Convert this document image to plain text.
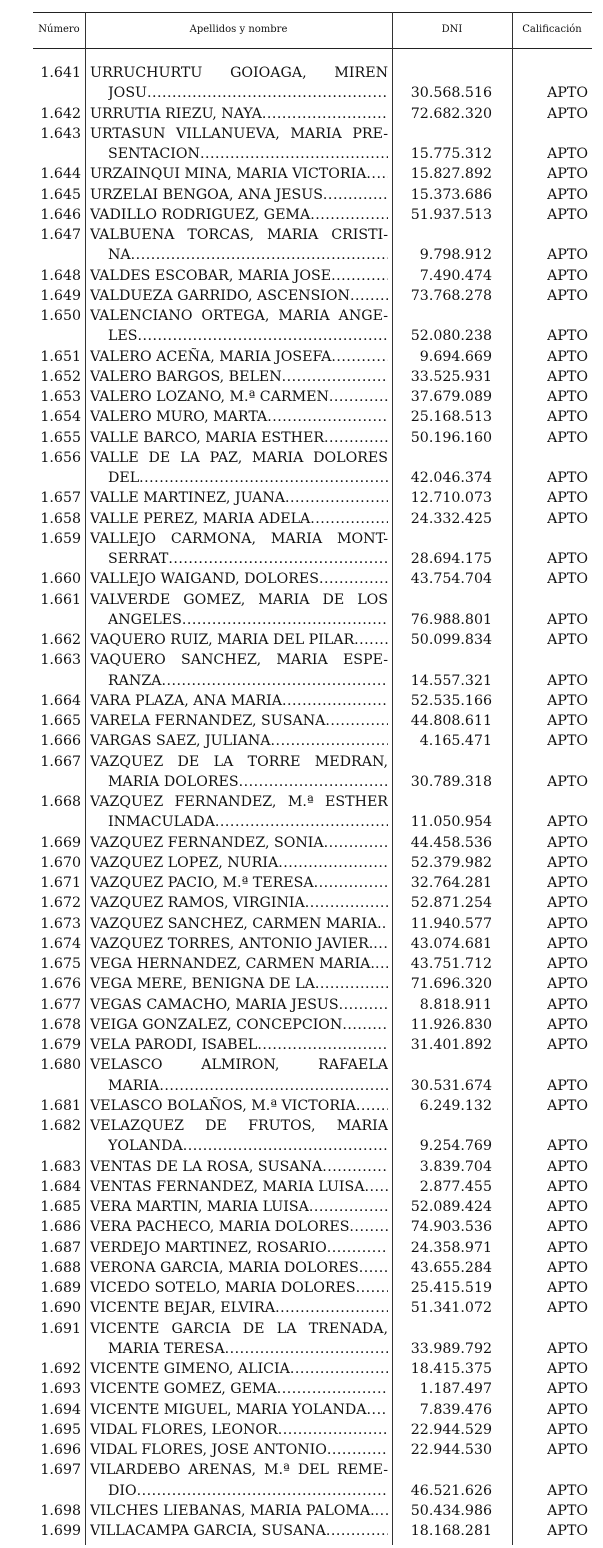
Número	Apellidos y nombre	DNI	Calificación
1.641 URRUCHURTU GOIOAGA, MIREN
JOSU .....	30.568.516	APTO
1.642 URRUTIA RIEZU, NAYA .....	72.682.320	APTO
1.643 URTASUN VILLANUEVA, MARIA PRE-
SENTACION .....	15.775.312	APTO
1.644 URZAINQUI MINA, MARIA VICTORIA .....	15.827.892	APTO
1.645 URZELAI BENGOA, ANA JESUS .....	15.373.686	APTO
1.646 VADILLO RODRIGUEZ, GEMA .....	51.937.513	APTO
1.647 VALBUENA TORCAS, MARIA CRISTI-
NA .....	9.798.912	APTO
1.648 VALDES ESCOBAR, MARIA JOSE .....	7.490.474	APTO
1.649 VALDUEZA GARRIDO, ASCENSION .....	73.768.278	APTO
1.650 VALENCIANO ORTEGA, MARIA ANGE-
LES .....	52.080.238	APTO
1.651 VALERO ACEÑA, MARIA JOSEFA .....	9.694.669	APTO
1.652 VALERO BARGOS, BELEN .....	33.525.931	APTO
1.653 VALERO LOZANO, M.ª CARMEN .....	37.679.089	APTO
1.654 VALERO MURO, MARTA .....	25.168.513	APTO
1.655 VALLE BARCO, MARIA ESTHER .....	50.196.160	APTO
1.656 VALLE DE LA PAZ, MARIA DOLORES
DEL .....	42.046.374	APTO
1.657 VALLE MARTINEZ, JUANA .....	12.710.073	APTO
1.658 VALLE PEREZ, MARIA ADELA .....	24.332.425	APTO
1.659 VALLEJO CARMONA, MARIA MONT-
SERRAT .....	28.694.175	APTO
1.660 VALLEJO WAIGAND, DOLORES .....	43.754.704	APTO
1.661 VALVERDE GOMEZ, MARIA DE LOS
ANGELES .....	76.988.801	APTO
1.662 VAQUERO RUIZ, MARIA DEL PILAR .....	50.099.834	APTO
1.663 VAQUERO SANCHEZ, MARIA ESPE-
RANZA .....	14.557.321	APTO
1.664 VARA PLAZA, ANA MARIA .....	52.535.166	APTO
1.665 VARELA FERNANDEZ, SUSANA .....	44.808.611	APTO
1.666 VARGAS SAEZ, JULIANA .....	4.165.471	APTO
1.667 VAZQUEZ DE LA TORRE MEDRAN,
MARIA DOLORES .....	30.789.318	APTO
1.668 VAZQUEZ FERNANDEZ, M.ª ESTHER
INMACULADA .....	11.050.954	APTO
1.669 VAZQUEZ FERNANDEZ, SONIA .....	44.458.536	APTO
1.670 VAZQUEZ LOPEZ, NURIA .....	52.379.982	APTO
1.671 VAZQUEZ PACIO, M.ª TERESA .....	32.764.281	APTO
1.672 VAZQUEZ RAMOS, VIRGINIA .....	52.871.254	APTO
1.673 VAZQUEZ SANCHEZ, CARMEN MARIA. .....	11.940.577	APTO
1.674 VAZQUEZ TORRES, ANTONIO JAVIER. .....	43.074.681	APTO
1.675 VEGA HERNANDEZ, CARMEN MARIA. .....	43.751.712	APTO
1.676 VEGA MERE, BENIGNA DE LA .....	71.696.320	APTO
1.677 VEGAS CAMACHO, MARIA JESUS .....	8.818.911	APTO
1.678 VEIGA GONZALEZ, CONCEPCION .....	11.926.830	APTO
1.679 VELA PARODI, ISABEL .....	31.401.892	APTO
1.680 VELASCO ALMIRON, RAFAELA
MARIA .....	30.531.674	APTO
1.681 VELASCO BOLAÑOS, M.ª VICTORIA .....	6.249.132	APTO
1.682 VELAZQUEZ DE FRUTOS, MARIA
YOLANDA .....	9.254.769	APTO
1.683 VENTAS DE LA ROSA, SUSANA .....	3.839.704	APTO
1.684 VENTAS FERNANDEZ, MARIA LUISA .....	2.877.455	APTO
1.685 VERA MARTIN, MARIA LUISA .....	52.089.424	APTO
1.686 VERA PACHECO, MARIA DOLORES .....	74.903.536	APTO
1.687 VERDEJO MARTINEZ, ROSARIO .....	24.358.971	APTO
1.688 VERONA GARCIA, MARIA DOLORES .....	43.655.284	APTO
1.689 VICEDO SOTELO, MARIA DOLORES .....	25.415.519	APTO
1.690 VICENTE BEJAR, ELVIRA .....	51.341.072	APTO
1.691 VICENTE GARCIA DE LA TRENADA,
MARIA TERESA .....	33.989.792	APTO
1.692 VICENTE GIMENO, ALICIA .....	18.415.375	APTO
1.693 VICENTE GOMEZ, GEMA .....	1.187.497	APTO
1.694 VICENTE MIGUEL, MARIA YOLANDA .....	7.839.476	APTO
1.695 VIDAL FLORES, LEONOR .....	22.944.529	APTO
1.696 VIDAL FLORES, JOSE ANTONIO .....	22.944.530	APTO
1.697 VILARDEBO ARENAS, M.ª DEL REME-
DIO .....	46.521.626	APTO
1.698 VILCHES LIEBANAS, MARIA PALOMA. .....	50.434.986	APTO
1.699 VILLACAMPA GARCIA, SUSANA .....	18.168.281	APTO
